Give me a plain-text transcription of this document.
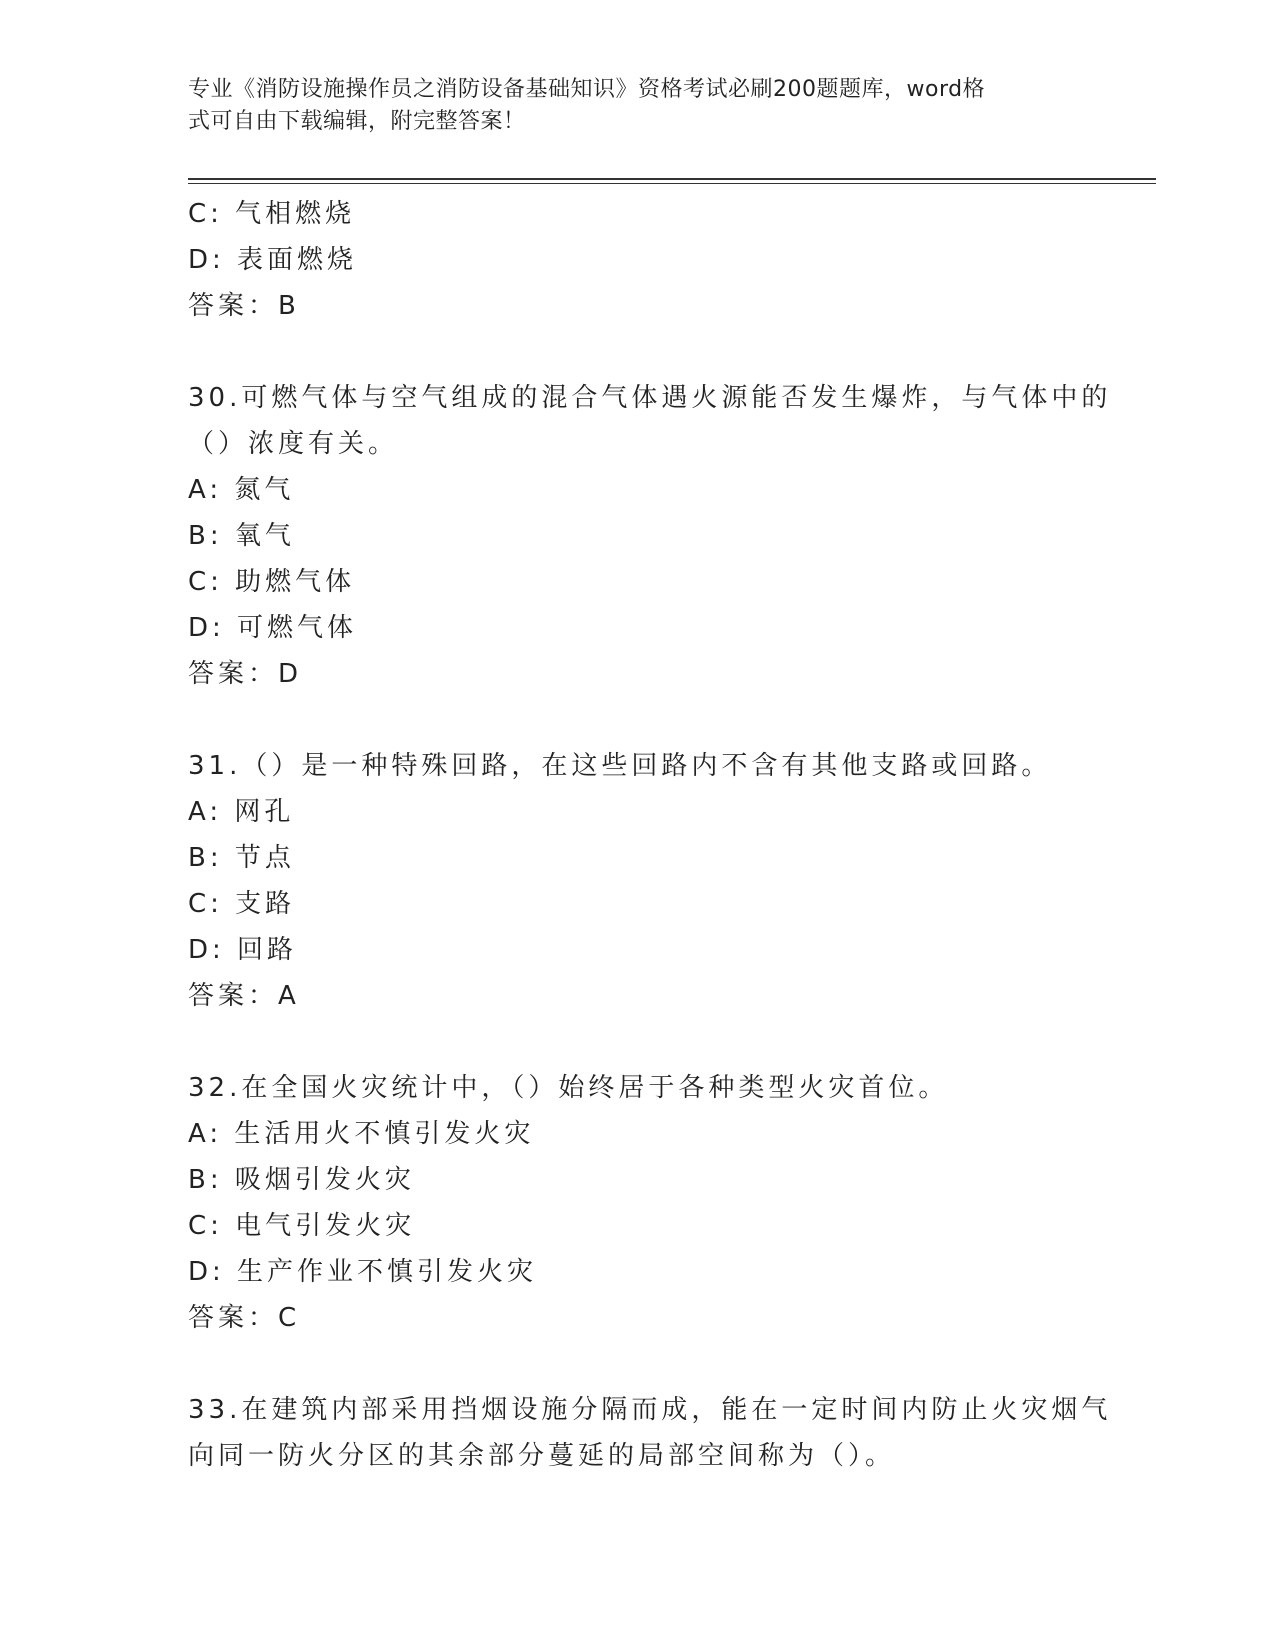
专业《消防设施操作员之消防设备基础知识》资格考试必刷200题题库，word格
式可自由下载编辑，附完整答案！
C: 气相燃烧
D: 表面燃烧
答案：B
30.可燃气体与空气组成的混合气体遇火源能否发生爆炸，与气体中的
（）浓度有关。
A: 氮气
B: 氧气
C: 助燃气体
D: 可燃气体
答案：D
31.（）是一种特殊回路，在这些回路内不含有其他支路或回路。
A: 网孔
B: 节点
C: 支路
D: 回路
答案：A
32.在全国火灾统计中，（）始终居于各种类型火灾首位。
A: 生活用火不慎引发火灾
B: 吸烟引发火灾
C: 电气引发火灾
D: 生产作业不慎引发火灾
答案：C
33.在建筑内部采用挡烟设施分隔而成，能在一定时间内防止火灾烟气
向同一防火分区的其余部分蔓延的局部空间称为（）。
